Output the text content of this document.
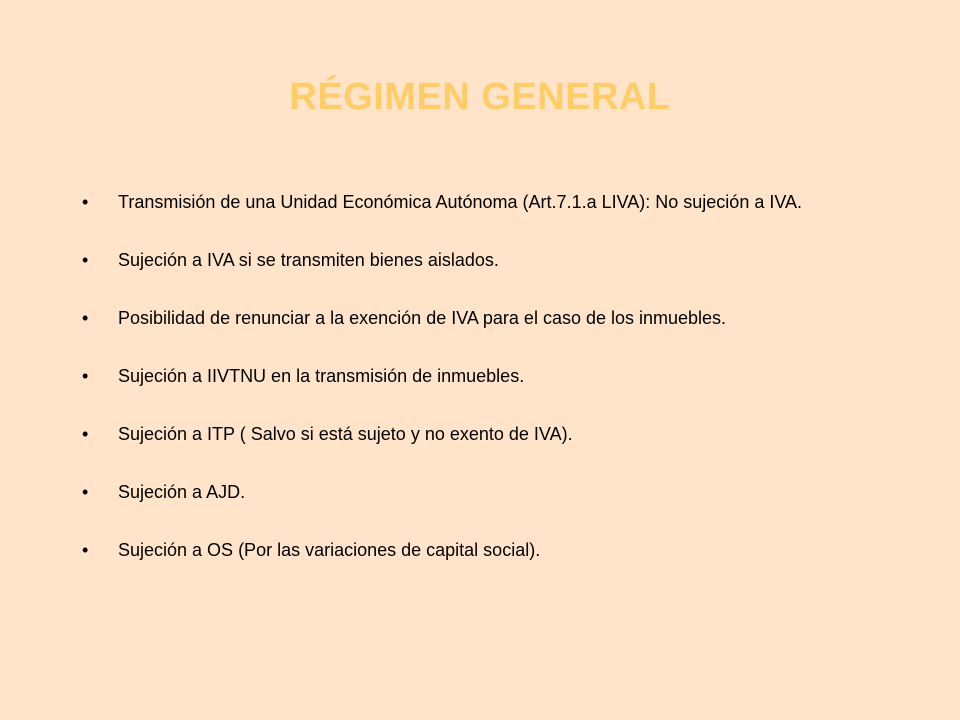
RÉGIMEN GENERAL
•	Transmisión de una Unidad Económica Autónoma (Art.7.1.a LIVA): No sujeción a IVA.
•	Sujeción a IVA si se transmiten bienes aislados.
•	Posibilidad de renunciar a la exención de IVA para el caso de los inmuebles.
•	Sujeción a IIVTNU en la transmisión de inmuebles.
•	Sujeción a ITP ( Salvo si está sujeto y no exento de IVA).
•	Sujeción a AJD.
•	Sujeción a OS (Por las variaciones de capital social).
